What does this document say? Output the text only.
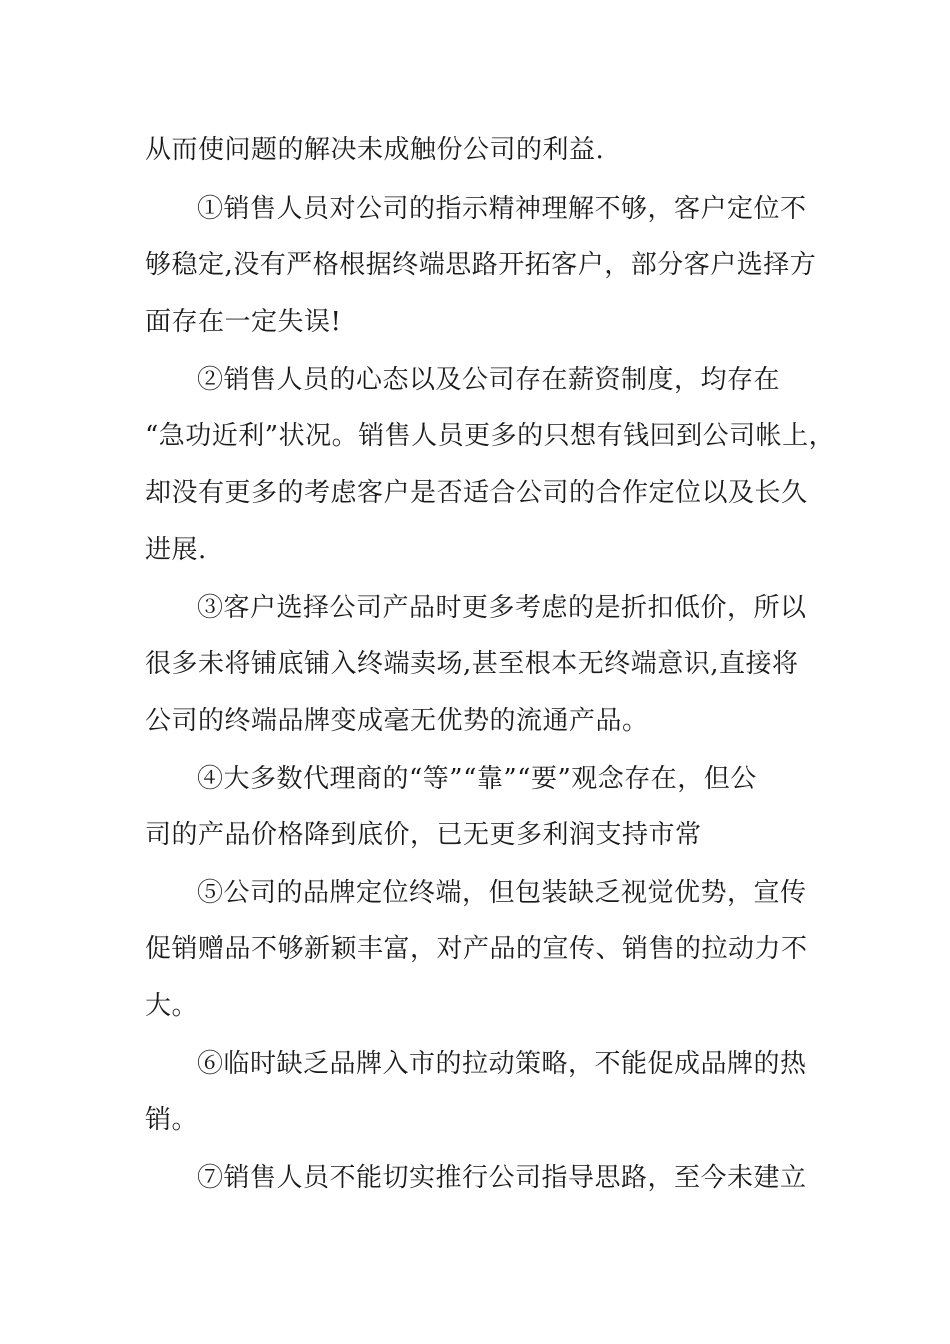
从而使问题的解决未成触份公司的利益.
①销售人员对公司的指示精神理解不够，客户定位不
够稳定,没有严格根据终端思路开拓客户，部分客户选择方
面存在一定失误!
②销售人员的心态以及公司存在薪资制度，均存在
“急功近利”状况。销售人员更多的只想有钱回到公司帐上，
却没有更多的考虑客户是否适合公司的合作定位以及长久
进展.
③客户选择公司产品时更多考虑的是折扣低价，所以
很多未将铺底铺入终端卖场,甚至根本无终端意识,直接将
公司的终端品牌变成毫无优势的流通产品。
④大多数代理商的“等”“靠”“要”观念存在，但公
司的产品价格降到底价，已无更多利润支持市常
⑤公司的品牌定位终端，但包装缺乏视觉优势，宣传
促销赠品不够新颖丰富，对产品的宣传、销售的拉动力不
大。
⑥临时缺乏品牌入市的拉动策略，不能促成品牌的热
销。
⑦销售人员不能切实推行公司指导思路，至今未建立
